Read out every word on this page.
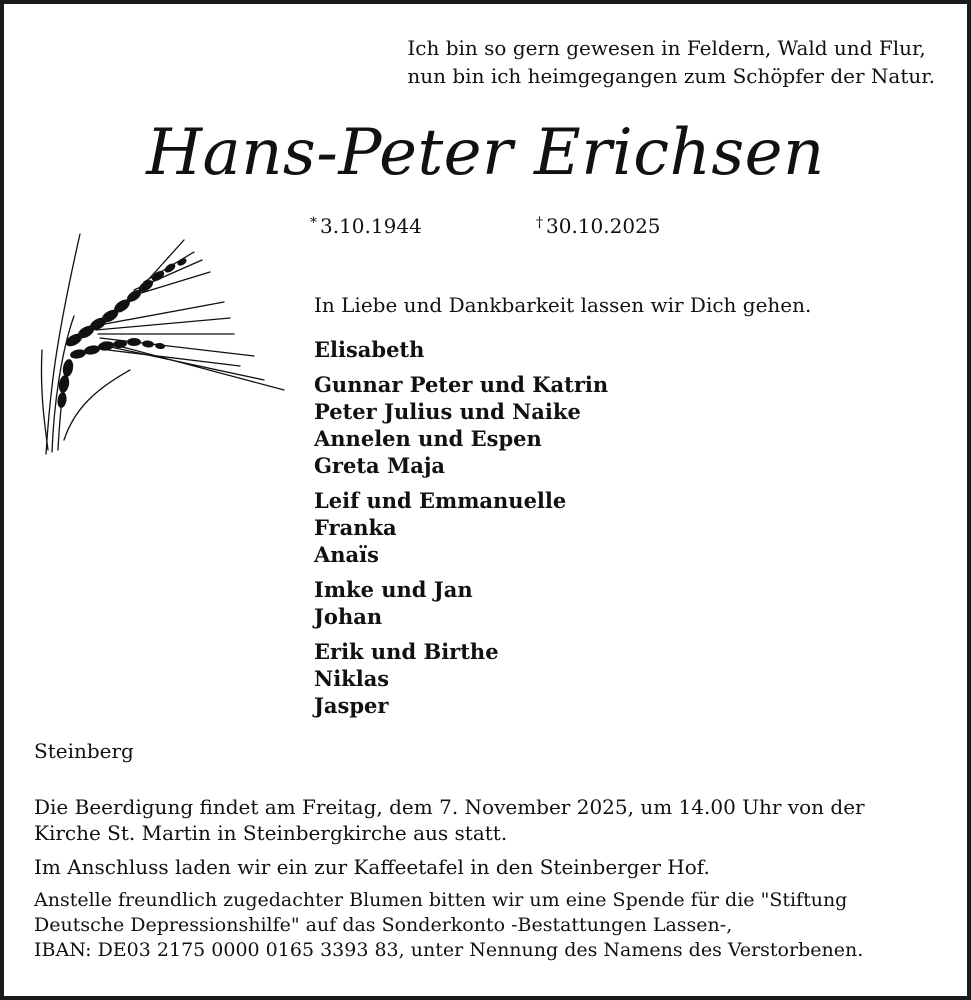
Ich bin so gern gewesen in Feldern, Wald und Flur,
nun bin ich heimgegangen zum Schöpfer der Natur.
Hans-Peter Erichsen
* 3.10.1944	† 30.10.2025
In Liebe und Dankbarkeit lassen wir Dich gehen.
Elisabeth
Gunnar Peter und Katrin
Peter Julius und Naike
Annelen und Espen
Greta Maja
Leif und Emmanuelle
Franka
Anaïs
Imke und Jan
Johan
Erik und Birthe
Niklas
Jasper
Steinberg

Die Beerdigung findet am Freitag, dem 7. November 2025, um 14.00 Uhr von der
Kirche St. Martin in Steinbergkirche aus statt.

Im Anschluss laden wir ein zur Kaffeetafel in den Steinberger Hof.

Anstelle freundlich zugedachter Blumen bitten wir um eine Spende für die "Stiftung
Deutsche Depressionshilfe" auf das Sonderkonto -Bestattungen Lassen-,
IBAN: DE03 2175 0000 0165 3393 83, unter Nennung des Namens des Verstorbenen.
